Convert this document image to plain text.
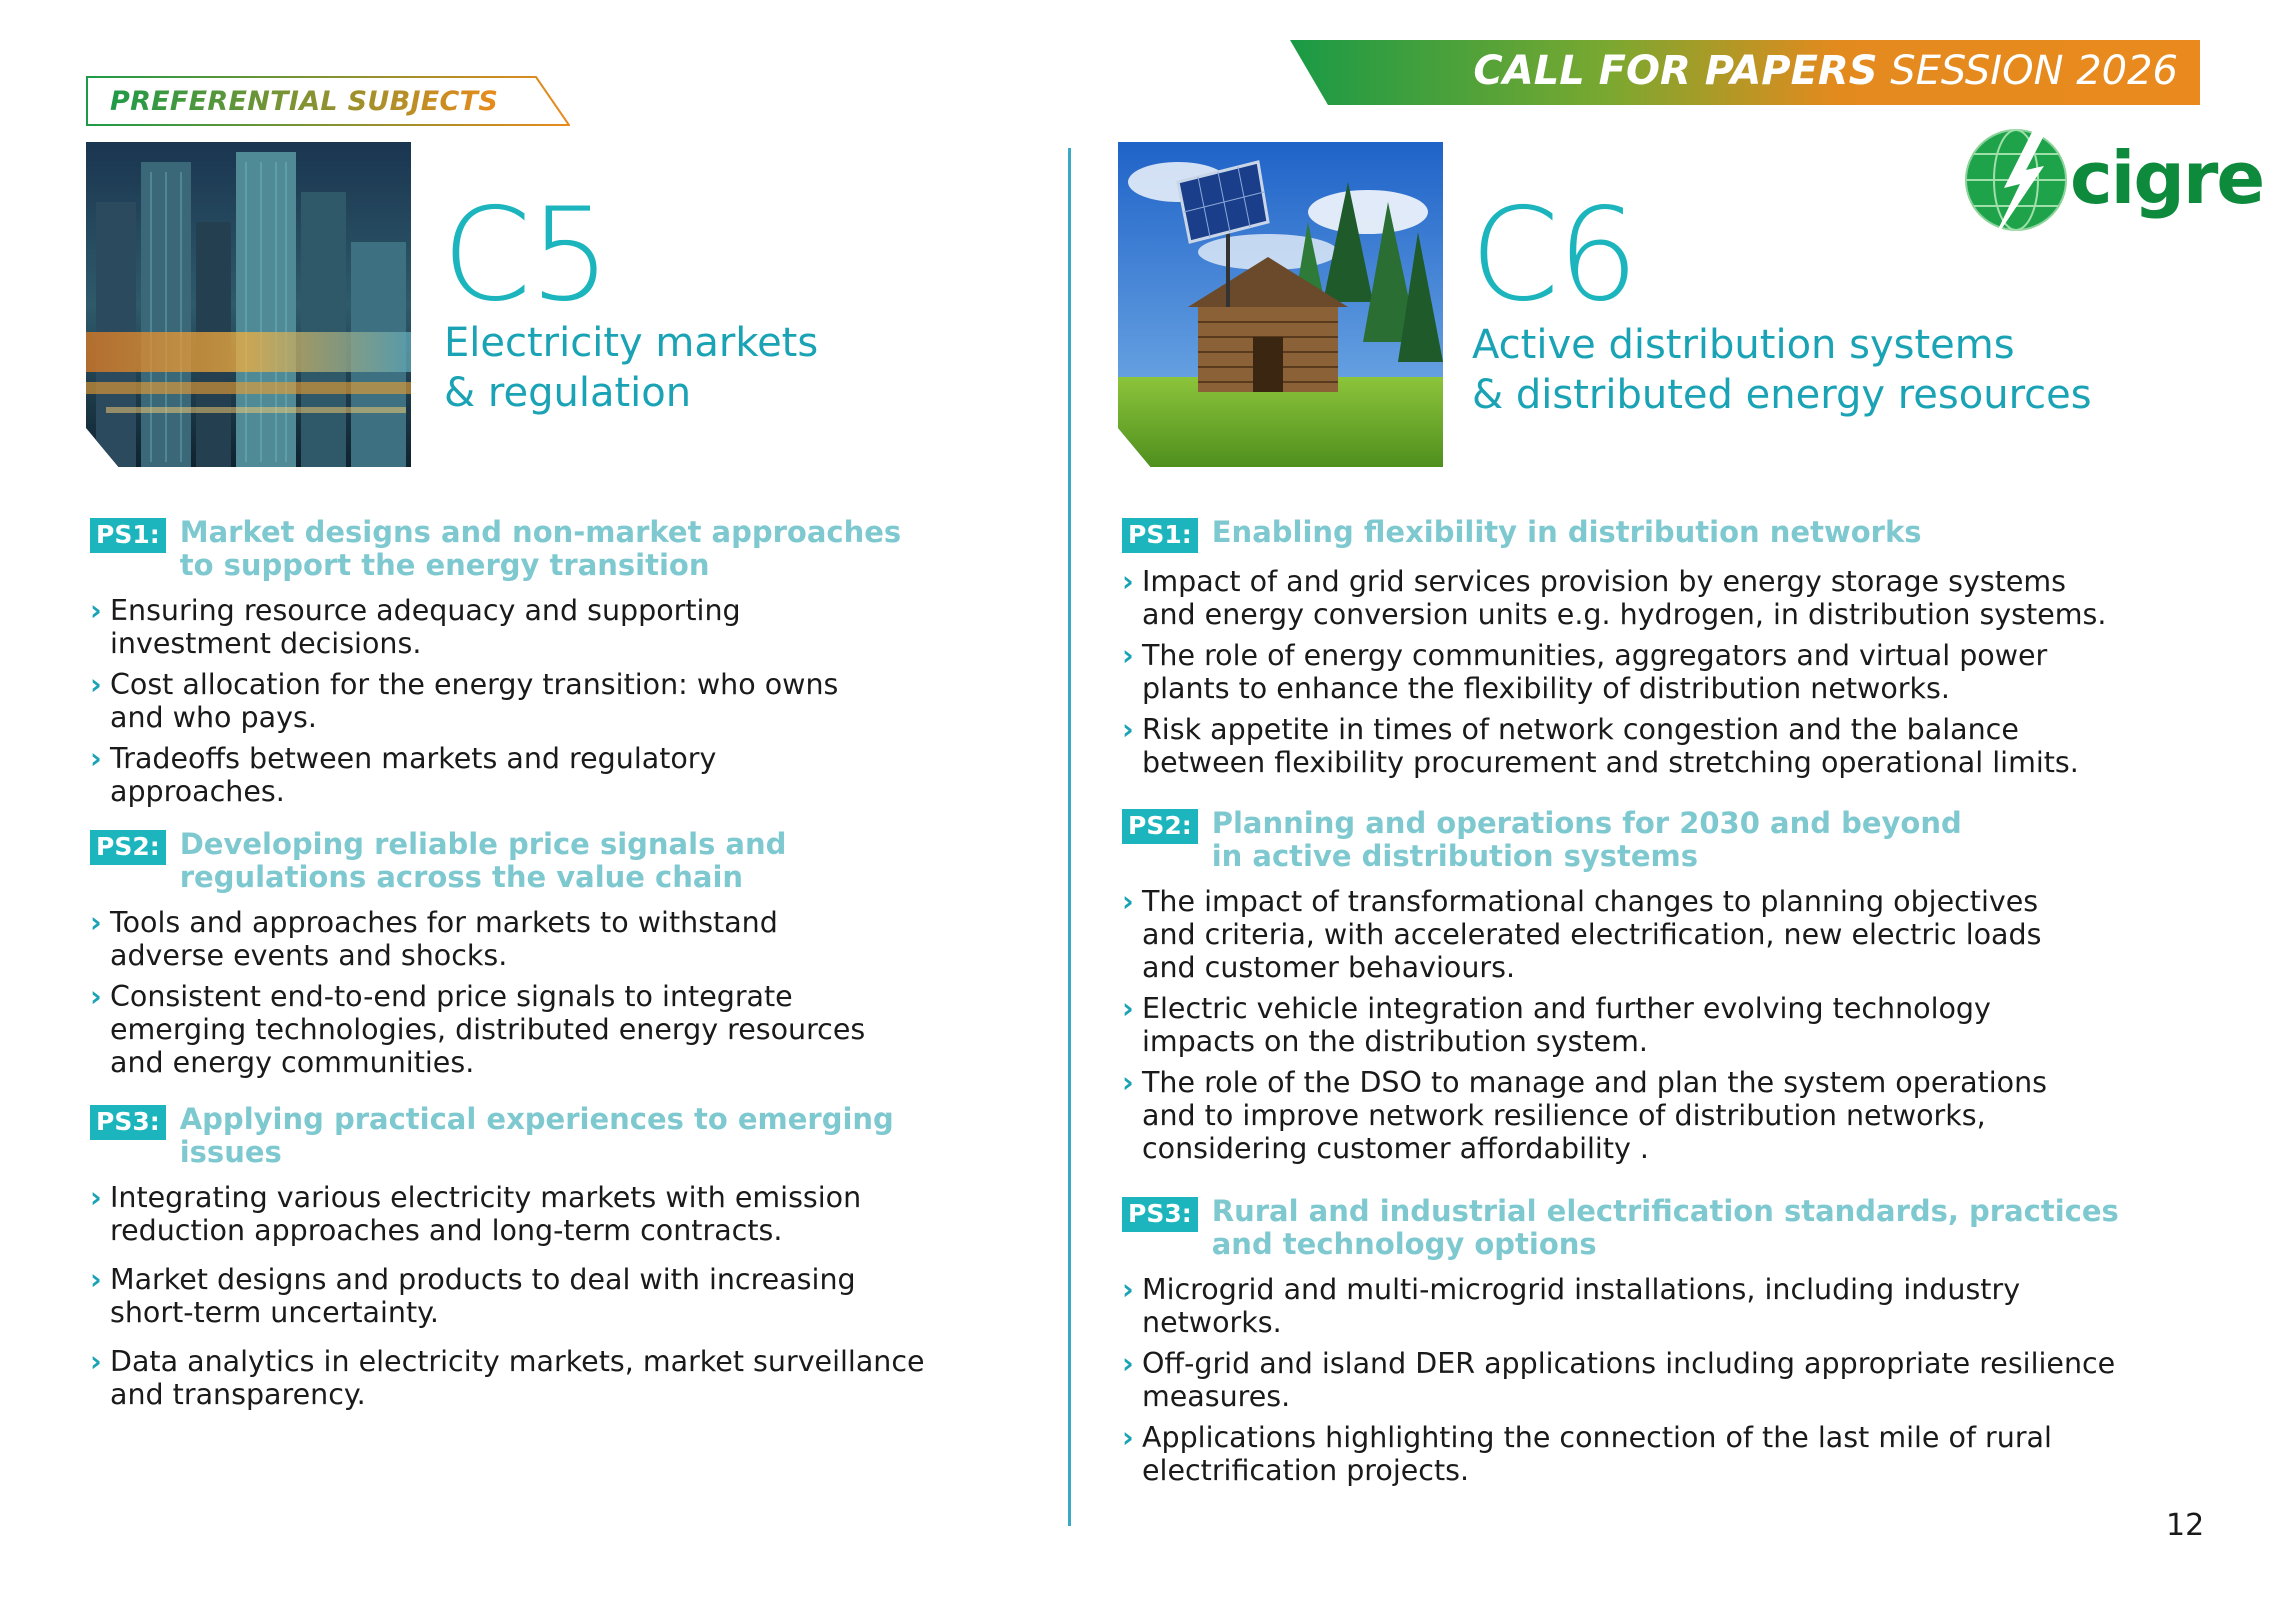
PREFERENTIAL SUBJECTS
CALL FOR PAPERS SESSION 2026
cigre
C5
Electricity markets
& regulation
C6
Active distribution systems
& distributed energy resources
PS1: Market designs and non-market approaches
to support the energy transition
› Ensuring resource adequacy and supporting
investment decisions.
› Cost allocation for the energy transition: who owns
and who pays.
› Tradeoffs between markets and regulatory
approaches.
PS2: Developing reliable price signals and
regulations across the value chain
› Tools and approaches for markets to withstand
adverse events and shocks.
› Consistent end-to-end price signals to integrate
emerging technologies, distributed energy resources
and energy communities.
PS3: Applying practical experiences to emerging
issues
› Integrating various electricity markets with emission
reduction approaches and long-term contracts.
› Market designs and products to deal with increasing
short-term uncertainty.
› Data analytics in electricity markets, market surveillance
and transparency.
PS1: Enabling flexibility in distribution networks
› Impact of and grid services provision by energy storage systems
and energy conversion units e.g. hydrogen, in distribution systems.
› The role of energy communities, aggregators and virtual power
plants to enhance the flexibility of distribution networks.
› Risk appetite in times of network congestion and the balance
between flexibility procurement and stretching operational limits.
PS2: Planning and operations for 2030 and beyond
in active distribution systems
› The impact of transformational changes to planning objectives
and criteria, with accelerated electrification, new electric loads
and customer behaviours.
› Electric vehicle integration and further evolving technology
impacts on the distribution system.
› The role of the DSO to manage and plan the system operations
and to improve network resilience of distribution networks,
considering customer affordability .
PS3: Rural and industrial electrification standards, practices
and technology options
› Microgrid and multi-microgrid installations, including industry
networks.
› Off-grid and island DER applications including appropriate resilience
measures.
› Applications highlighting the connection of the last mile of rural
electrification projects.
12
